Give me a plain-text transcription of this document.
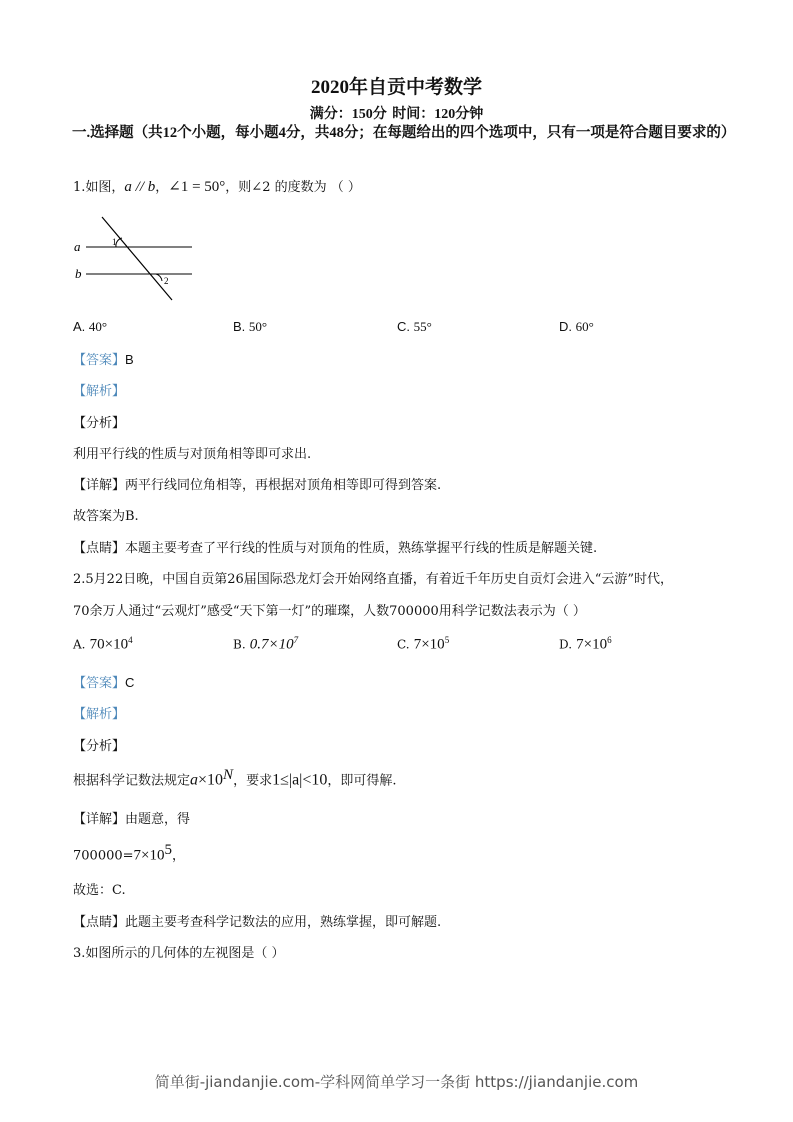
2020年自贡中考数学
满分：150分 时间：120分钟
一.选择题（共12个小题，每小题4分，共48分；在每题给出的四个选项中，只有一项是符合题目要求的）
1.如图，a // b，∠1 = 50°，则∠2 的度数为 （ ）
a
b
1
2
A. 40°	B. 50°	C. 55°	D. 60°
【答案】B
【解析】
【分析】
利用平行线的性质与对顶角相等即可求出.
【详解】两平行线同位角相等，再根据对顶角相等即可得到答案.
故答案为B.
【点睛】本题主要考查了平行线的性质与对顶角的性质，熟练掌握平行线的性质是解题关键.
2.5月22日晚，中国自贡第26届国际恐龙灯会开始网络直播，有着近千年历史自贡灯会进入“云游”时代，
70余万人通过“云观灯”感受“天下第一灯”的璀璨，人数700000用科学记数法表示为（ ）
A. $70\times 10^4$	B. $0.7\times 10^7$	C. $7\times 10^5$	D. $7\times 10^6$
【答案】C
【解析】
【分析】
根据科学记数法规定$a\times 10^N$，要求1≤|a|<10，即可得解.
【详解】由题意，得
$700000=7\times 10^5$，
故选：C.
【点睛】此题主要考查科学记数法的应用，熟练掌握，即可解题.
3.如图所示的几何体的左视图是（ ）
简单街-jiandanjie.com-学科网简单学习一条街 https://jiandanjie.com
